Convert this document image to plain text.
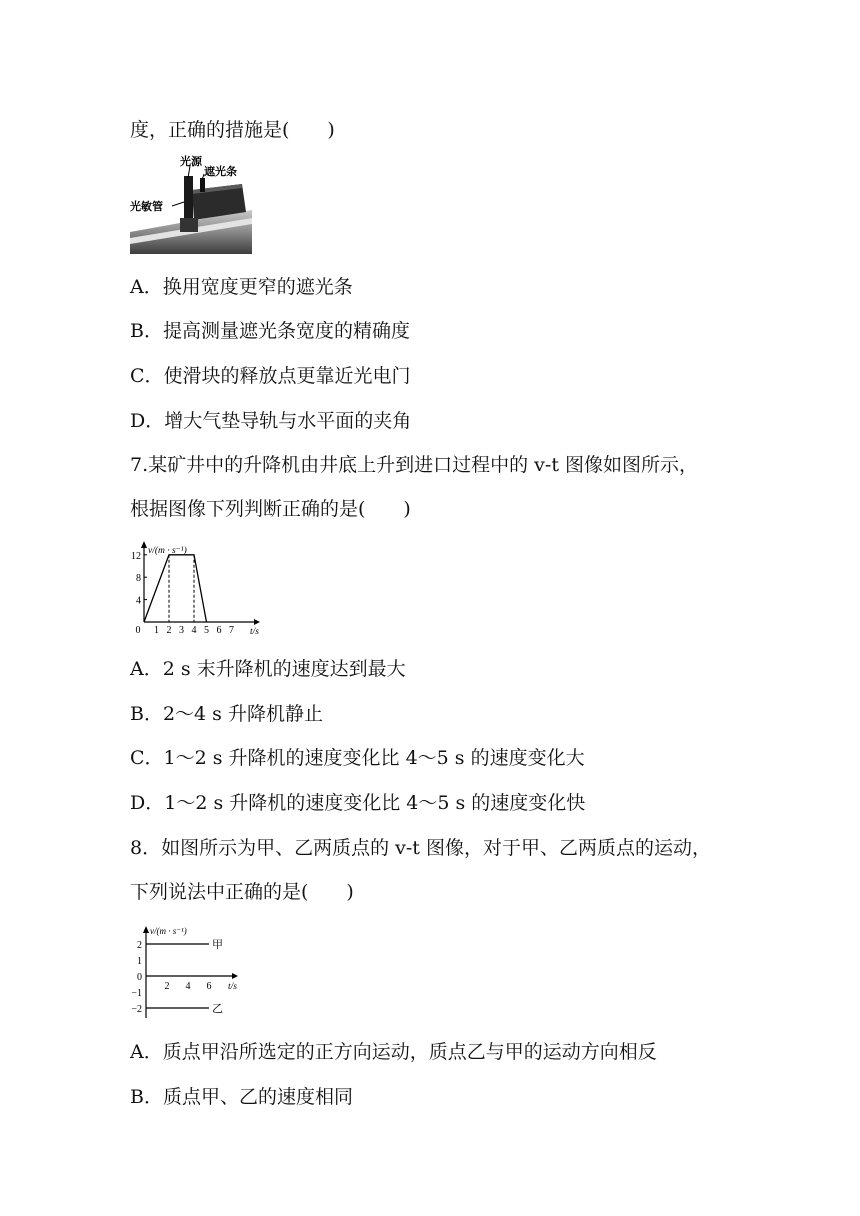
度，正确的措施是(　　)
光源
遮光条
光敏管
A．换用宽度更窄的遮光条
B．提高测量遮光条宽度的精确度
C．使滑块的释放点更靠近光电门
D．增大气垫导轨与水平面的夹角
7.某矿井中的升降机由井底上升到进口过程中的 v-t 图像如图所示，
根据图像下列判断正确的是(　　)
v/(m · s⁻¹)
t/s
12
8
4
0 1 2 3 4 5 6 7
A．2 s 末升降机的速度达到最大
B．2～4 s 升降机静止
C．1～2 s 升降机的速度变化比 4～5 s 的速度变化大
D．1～2 s 升降机的速度变化比 4～5 s 的速度变化快
8．如图所示为甲、乙两质点的 v-t 图像，对于甲、乙两质点的运动，
下列说法中正确的是(　　)
v/(m · s⁻¹)
t/s
2
1
0
−1
−2
2 4 6
甲
乙
A．质点甲沿所选定的正方向运动，质点乙与甲的运动方向相反
B．质点甲、乙的速度相同
